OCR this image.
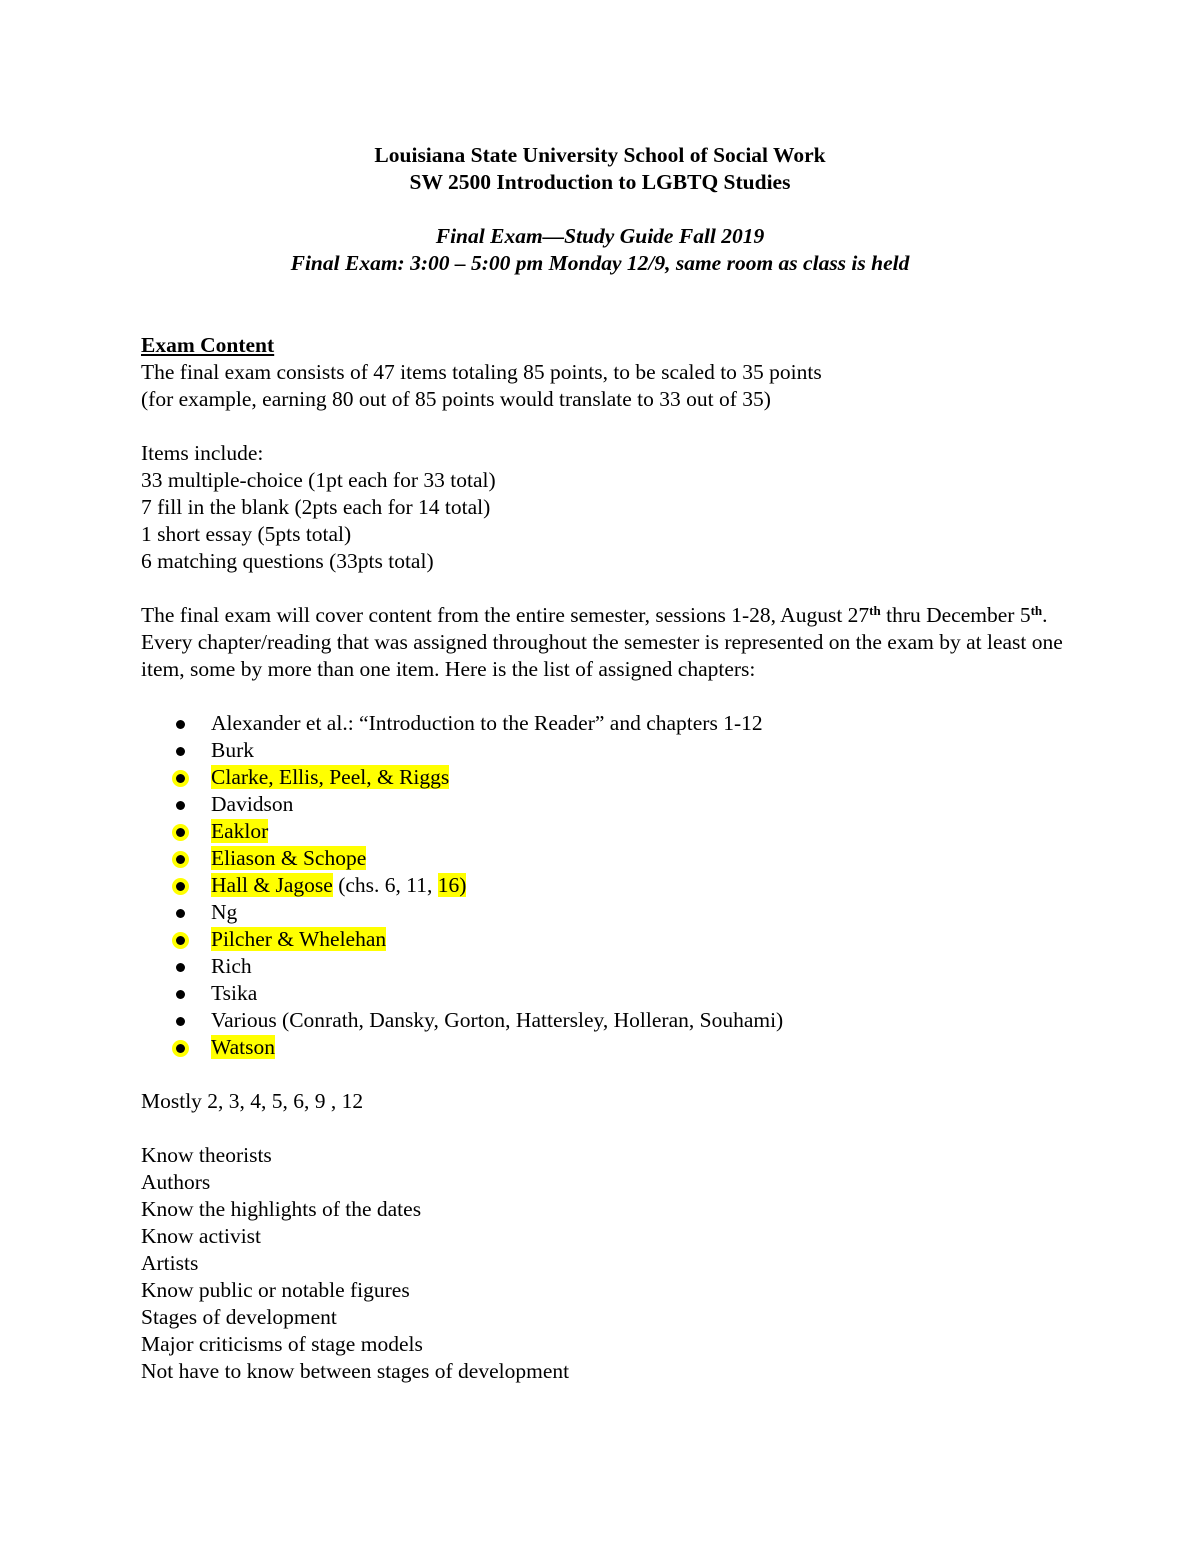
Louisiana State University School of Social Work
SW 2500 Introduction to LGBTQ Studies
Final Exam—Study Guide Fall 2019
Final Exam: 3:00 – 5:00 pm Monday 12/9, same room as class is held
Exam Content
The final exam consists of 47 items totaling 85 points, to be scaled to 35 points
(for example, earning 80 out of 85 points would translate to 33 out of 35)
Items include:
33 multiple-choice (1pt each for 33 total)
7 fill in the blank (2pts each for 14 total)
1 short essay (5pts total)
6 matching questions (33pts total)
The final exam will cover content from the entire semester, sessions 1-28, August 27th thru December 5th. Every chapter/reading that was assigned throughout the semester is represented on the exam by at least one item, some by more than one item. Here is the list of assigned chapters:
Alexander et al.: “Introduction to the Reader” and chapters 1-12
Burk
Clarke, Ellis, Peel, & Riggs
Davidson
Eaklor
Eliason & Schope
Hall & Jagose (chs. 6, 11, 16)
Ng
Pilcher & Whelehan
Rich
Tsika
Various (Conrath, Dansky, Gorton, Hattersley, Holleran, Souhami)
Watson
Mostly 2, 3, 4, 5, 6, 9 , 12
Know theorists
Authors
Know the highlights of the dates
Know activist
Artists
Know public or notable figures
Stages of development
Major criticisms of stage models
Not have to know between stages of development
